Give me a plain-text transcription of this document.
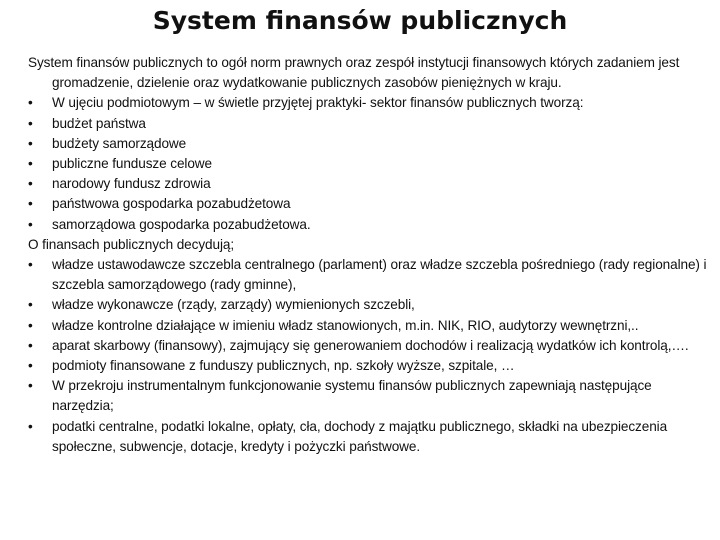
System finansów publicznych
System finansów publicznych to ogół norm prawnych oraz zespół instytucji finansowych których zadaniem jest gromadzenie, dzielenie oraz wydatkowanie publicznych zasobów pieniężnych w kraju.
•	W ujęciu podmiotowym – w świetle przyjętej praktyki- sektor finansów publicznych tworzą:
•	budżet państwa
•	budżety samorządowe
•	publiczne fundusze celowe
•	narodowy fundusz zdrowia
•	państwowa gospodarka pozabudżetowa
•	samorządowa gospodarka pozabudżetowa.
O finansach publicznych decydują;
•	władze ustawodawcze szczebla centralnego (parlament) oraz władze szczebla pośredniego (rady regionalne) i szczebla samorządowego (rady gminne),
•	władze wykonawcze (rządy, zarządy) wymienionych szczebli,
•	władze kontrolne działające w imieniu władz stanowionych, m.in. NIK, RIO, audytorzy wewnętrzni,..
•	aparat skarbowy (finansowy), zajmujący się generowaniem dochodów i realizacją wydatków ich kontrolą,….
•	podmioty finansowane z funduszy publicznych, np. szkoły wyższe, szpitale, …
•	W przekroju instrumentalnym funkcjonowanie systemu finansów publicznych zapewniają następujące narzędzia;
•	podatki centralne, podatki lokalne, opłaty, cła, dochody z majątku publicznego, składki na ubezpieczenia społeczne, subwencje, dotacje, kredyty i pożyczki państwowe.
